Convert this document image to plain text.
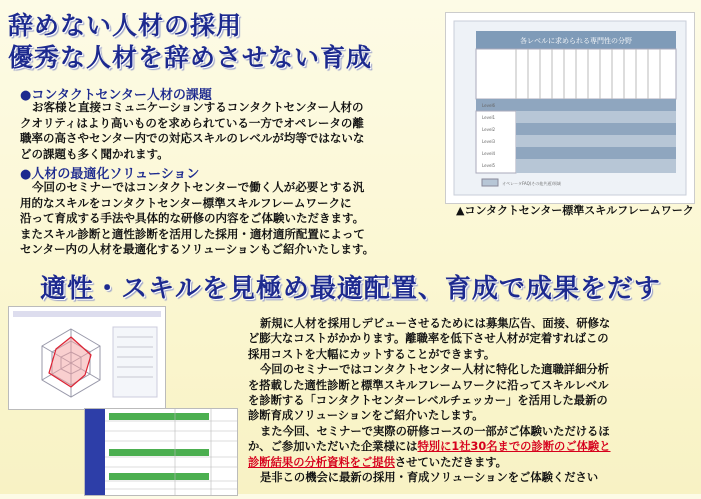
辞めない人材の採用
優秀な人材を辞めさせない育成
●コンタクトセンター人材の課題

お客様と直接コミュニケーションするコンタクトセンター人材の

クオリティはより高いものを求められている一方でオペレータの離

職率の高さやセンター内での対応スキルのレベルが均等ではないな

どの課題も多く聞かれます。

●人材の最適化ソリューション

今回のセミナーではコンタクトセンターで働く人が必要とする汎

用的なスキルをコンタクトセンター標準スキルフレームワークに

沿って育成する手法や具体的な研修の内容をご体験いただきます。

またスキル診断と適性診断を活用した採用・適材適所配置によって

センター内の人材を最適化するソリューションもご紹介いたします。

各レベルに求められる専門性の分野
Level1
Level2
Level3
Level4
Level5
Level6
オペレータFAQ(その他共通)領域
▲コンタクトセンター標準スキルフレームワーク
適性・スキルを見極め最適配置、育成で成果をだす

新規に人材を採用しデビューさせるためには募集広告、面接、研修な

ど膨大なコストがかかります。離職率を低下させ人材が定着すればこの

採用コストを大幅にカットすることができます。

今回のセミナーではコンタクトセンター人材に特化した適職詳細分析

を搭載した適性診断と標準スキルフレームワークに沿ってスキルレベル

を診断する「コンタクトセンターレベルチェッカー」を活用した最新の

診断育成ソリューションをご紹介いたします。

また今回、セミナーで実際の研修コースの一部がご体験いただけるほ

か、ご参加いただいた企業様には特別に1社30名までの診断のご体験と

診断結果の分析資料をご提供させていただきます。

是非この機会に最新の採用・育成ソリューションをご体験ください
